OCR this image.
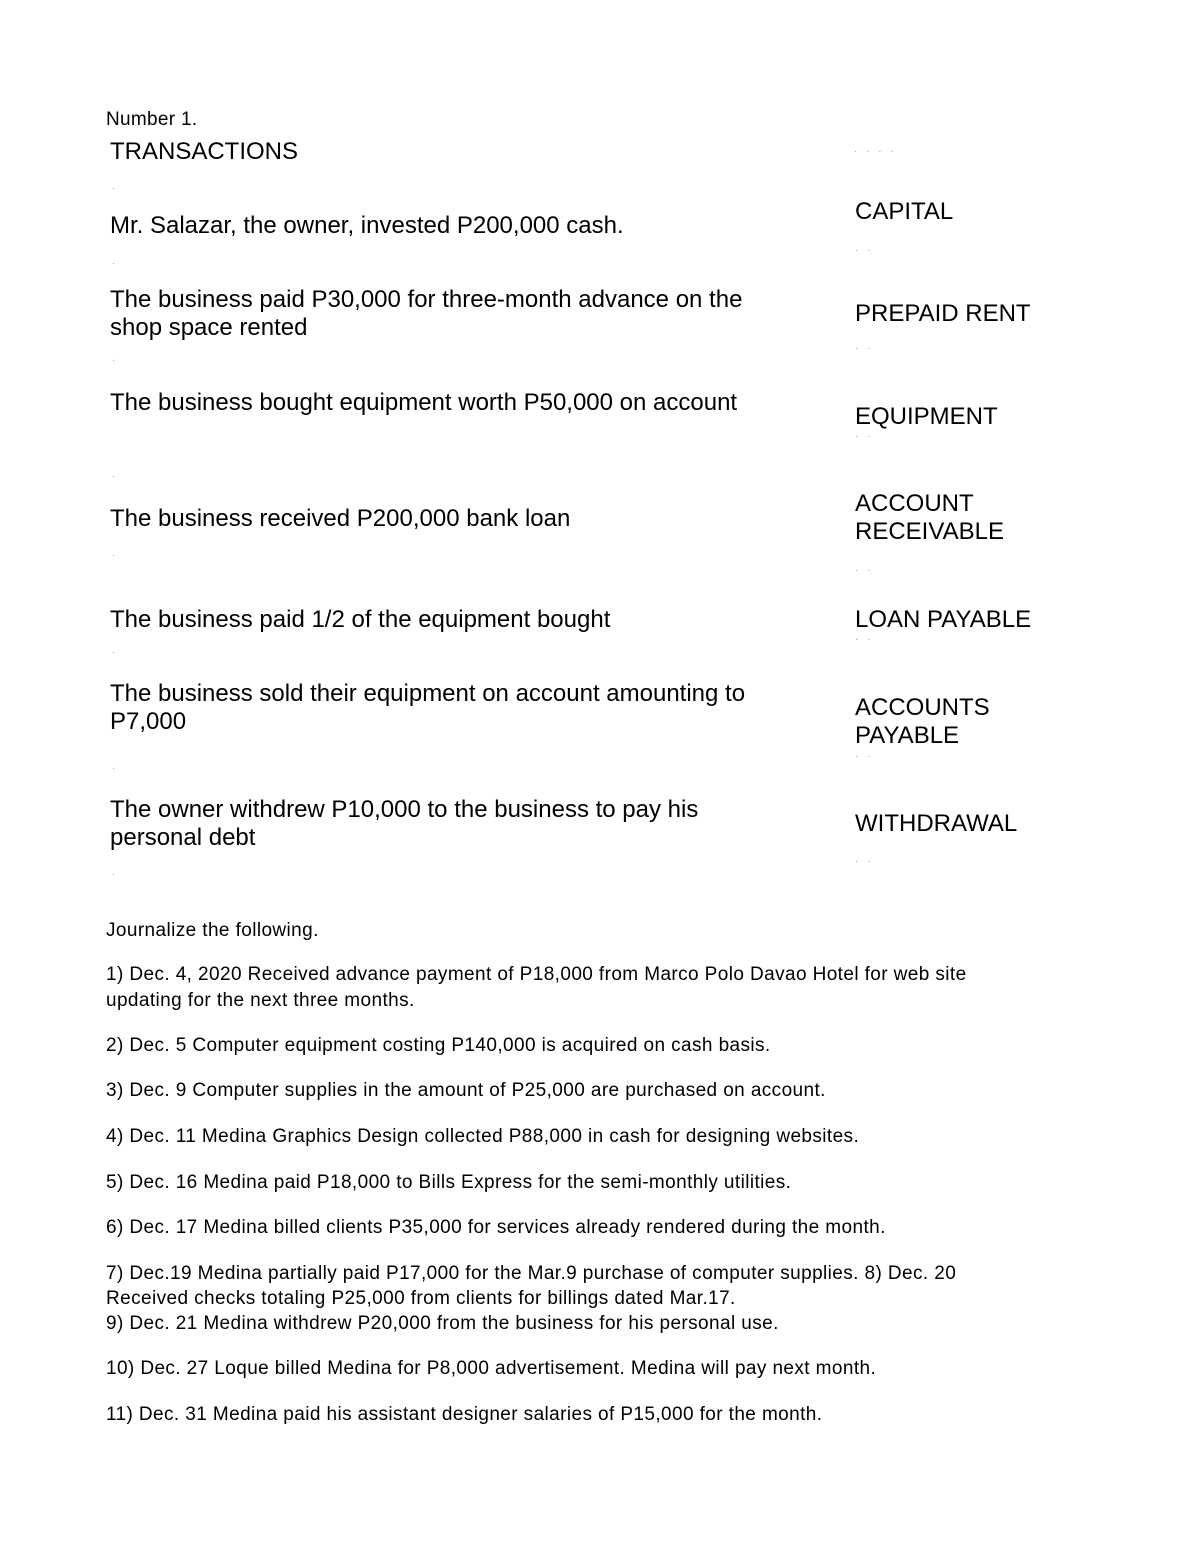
Number 1.
TRANSACTIONS	· · · ·
·
Mr. Salazar, the owner, invested P200,000 cash.
CAPITAL
· ·
·
The business paid P30,000 for three-month advance on the
shop space rented
PREPAID RENT
· ·
·
The business bought equipment worth P50,000 on account
EQUIPMENT
· ·
·
The business received P200,000 bank loan
ACCOUNT
RECEIVABLE
·
· ·
The business paid 1/2 of the equipment bought	LOAN PAYABLE
· ·
·
The business sold their equipment on account amounting to
P7,000
ACCOUNTS
PAYABLE
· ·
·
The owner withdrew P10,000 to the business to pay his
personal debt
WITHDRAWAL
· ·
·
Journalize the following.
1) Dec. 4, 2020 Received advance payment of P18,000 from Marco Polo Davao Hotel for web site
updating for the next three months.
2) Dec. 5 Computer equipment costing P140,000 is acquired on cash basis.
3) Dec. 9 Computer supplies in the amount of P25,000 are purchased on account.
4) Dec. 11 Medina Graphics Design collected P88,000 in cash for designing websites.
5) Dec. 16 Medina paid P18,000 to Bills Express for the semi-monthly utilities.
6) Dec. 17 Medina billed clients P35,000 for services already rendered during the month.
7) Dec.19 Medina partially paid P17,000 for the Mar.9 purchase of computer supplies. 8) Dec. 20
Received checks totaling P25,000 from clients for billings dated Mar.17.
9) Dec. 21 Medina withdrew P20,000 from the business for his personal use.
10) Dec. 27 Loque billed Medina for P8,000 advertisement. Medina will pay next month.
11) Dec. 31 Medina paid his assistant designer salaries of P15,000 for the month.
